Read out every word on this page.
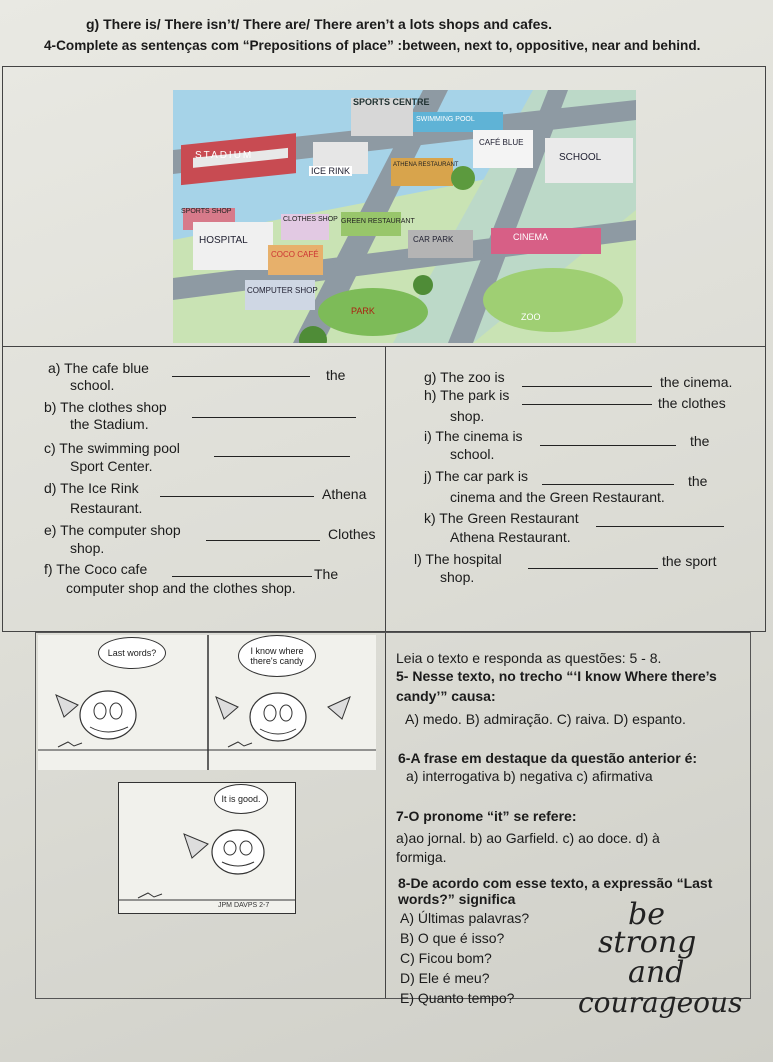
g) There is/ There isn’t/ There are/ There aren’t a lots shops and cafes.
4-Complete as sentenças com “Prepositions of place” :between, next to, oppositive, near and behind.
SPORTS CENTRE
SWIMMING POOL
STADIUM
ICE RINK
ATHENA RESTAURANT
CAFÉ BLUE
SCHOOL
SPORTS SHOP
CLOTHES SHOP GREEN RESTAURANT
HOSPITAL
COCO CAFÉ
CAR PARK	CINEMA
COMPUTER SHOP
PARK
ZOO
a) The cafe blue	the
school.
b) The clothes shop
the Stadium.
c) The swimming pool
Sport Center.
d) The Ice Rink	Athena
Restaurant.
e) The computer shop	Clothes
shop.
f) The Coco cafe	The
computer shop and the clothes shop.
g) The zoo is	the cinema.
h) The park is	the clothes
shop.
i) The cinema is	the
school.
j) The car park is	the
cinema and the Green Restaurant.
k) The Green Restaurant
Athena Restaurant.
l) The hospital	the sport
shop.
Last words?	I know where there's candy
It is good.
JPM DAVPS 2-7
Leia o texto e responda as questões: 5 - 8.
5- Nesse texto, no trecho “‘I know Where there’s
candy’” causa:
A) medo. B) admiração. C) raiva. D) espanto.
6-A frase em destaque da questão anterior é:
a) interrogativa b) negativa c) afirmativa
7-O pronome “it” se refere:
a)ao jornal. b) ao Garfield. c) ao doce. d) à
formiga.
8-De acordo com esse texto, a expressão “Last
words?” significa
A) Últimas palavras?
B) O que é isso?
C) Ficou bom?
D) Ele é meu?
E) Quanto tempo?
be
strong
and
courageous
